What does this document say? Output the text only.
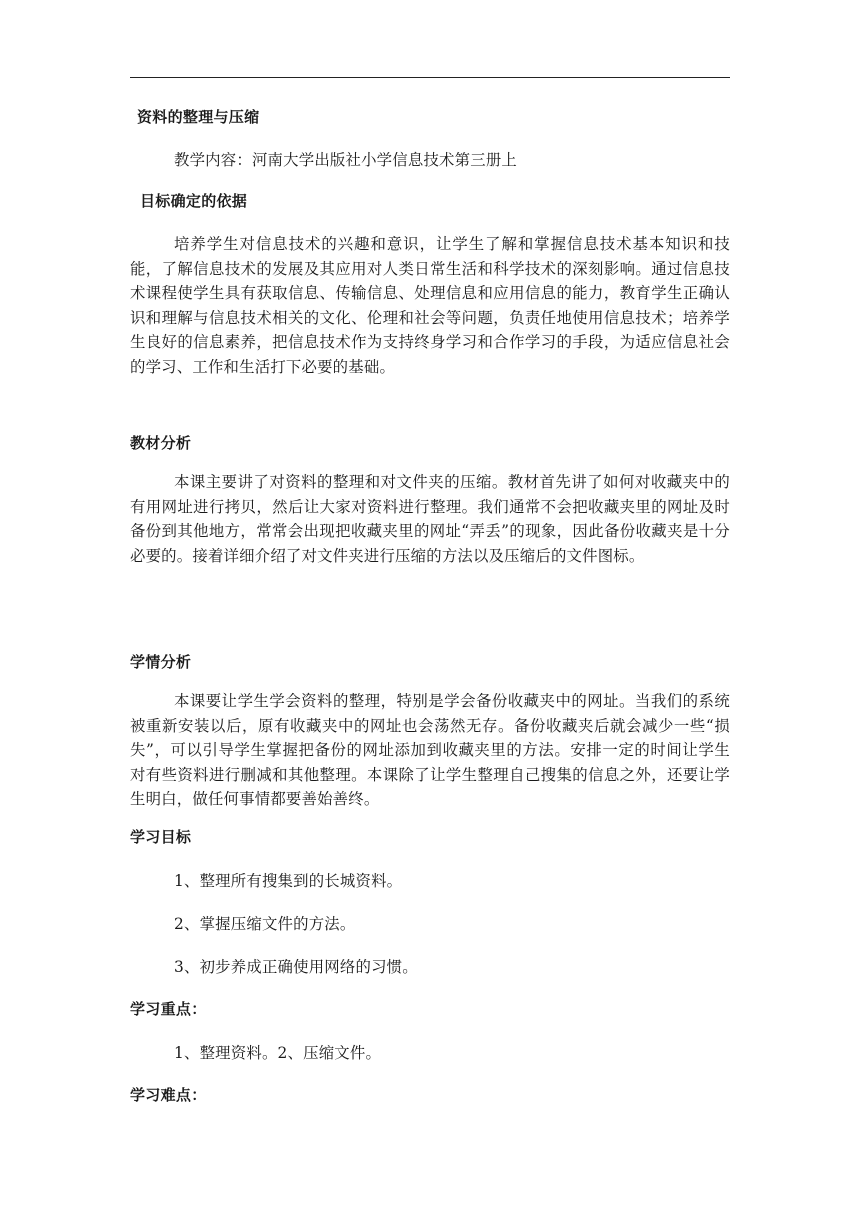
资料的整理与压缩
教学内容：河南大学出版社小学信息技术第三册上
目标确定的依据
培养学生对信息技术的兴趣和意识，让学生了解和掌握信息技术基本知识和技能，了解信息技术的发展及其应用对人类日常生活和科学技术的深刻影响。通过信息技术课程使学生具有获取信息、传输信息、处理信息和应用信息的能力，教育学生正确认识和理解与信息技术相关的文化、伦理和社会等问题，负责任地使用信息技术；培养学生良好的信息素养，把信息技术作为支持终身学习和合作学习的手段，为适应信息社会的学习、工作和生活打下必要的基础。
教材分析
本课主要讲了对资料的整理和对文件夹的压缩。教材首先讲了如何对收藏夹中的有用网址进行拷贝，然后让大家对资料进行整理。我们通常不会把收藏夹里的网址及时备份到其他地方，常常会出现把收藏夹里的网址“弄丢”的现象，因此备份收藏夹是十分必要的。接着详细介绍了对文件夹进行压缩的方法以及压缩后的文件图标。
学情分析
本课要让学生学会资料的整理，特别是学会备份收藏夹中的网址。当我们的系统被重新安装以后，原有收藏夹中的网址也会荡然无存。备份收藏夹后就会减少一些“损失”，可以引导学生掌握把备份的网址添加到收藏夹里的方法。安排一定的时间让学生对有些资料进行删减和其他整理。本课除了让学生整理自己搜集的信息之外，还要让学生明白，做任何事情都要善始善终。
学习目标
1、整理所有搜集到的长城资料。
2、掌握压缩文件的方法。
3、初步养成正确使用网络的习惯。
学习重点：
1、整理资料。2、压缩文件。
学习难点：
